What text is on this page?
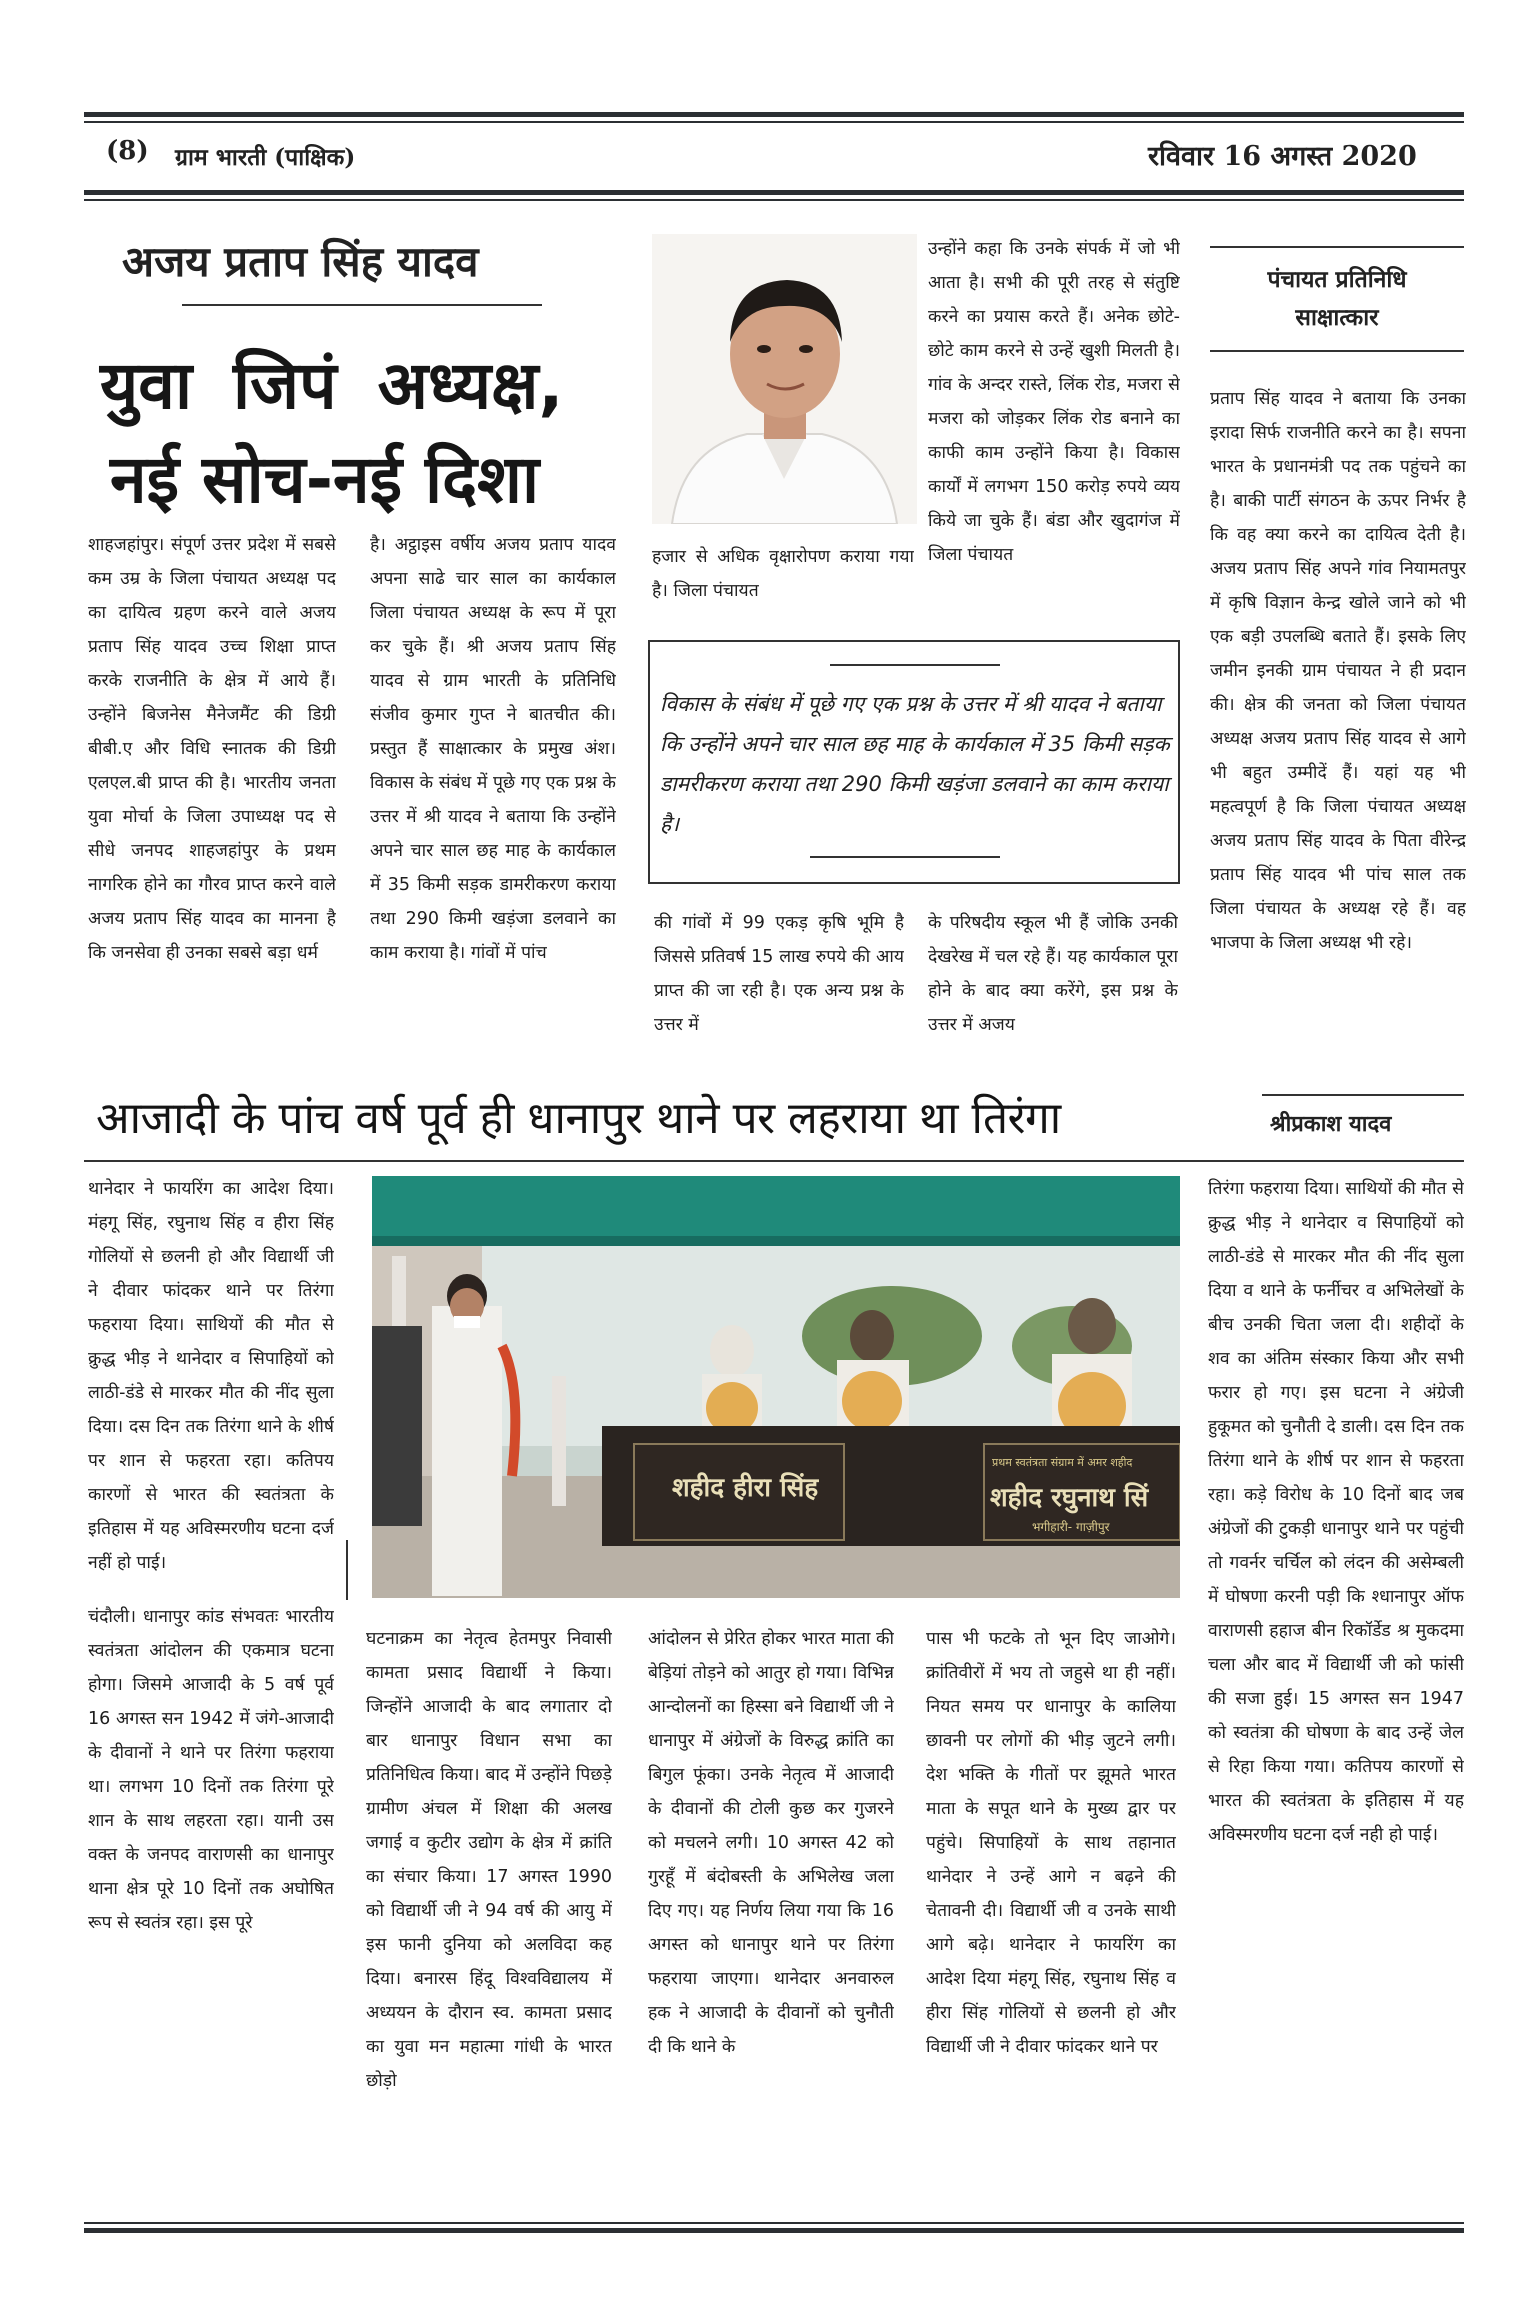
(8) ग्राम भारती (पाक्षिक)	रविवार 16 अगस्त 2020
अजय प्रताप सिंह यादव
युवा जिपं अध्यक्ष,
नई सोच-नई दिशा

शाहजहांपुर। संपूर्ण उत्तर प्रदेश में सबसे कम उम्र के जिला पंचायत अध्यक्ष पद का दायित्व ग्रहण करने वाले अजय प्रताप सिंह यादव उच्च शिक्षा प्राप्त करके राजनीति के क्षेत्र में आये हैं। उन्होंने बिजनेस मैनेजमैंट की डिग्री बीबी.ए और विधि स्नातक की डिग्री एलएल.बी प्राप्त की है। भारतीय जनता युवा मोर्चा के जिला उपाध्यक्ष पद से सीधे जनपद शाहजहांपुर के प्रथम नागरिक होने का गौरव प्राप्त करने वाले अजय प्रताप सिंह यादव का मानना है कि जनसेवा ही उनका सबसे बड़ा धर्म

है। अट्ठाइस वर्षीय अजय प्रताप यादव अपना साढे चार साल का कार्यकाल जिला पंचायत अध्यक्ष के रूप में पूरा कर चुके हैं। श्री अजय प्रताप सिंह यादव से ग्राम भारती के प्रतिनिधि संजीव कुमार गुप्त ने बातचीत की। प्रस्तुत हैं साक्षात्कार के प्रमुख अंश। विकास के संबंध में पूछे गए एक प्रश्न के उत्तर में श्री यादव ने बताया कि उन्होंने अपने चार साल छह माह के कार्यकाल में 35 किमी सड़क डामरीकरण कराया तथा 290 किमी खड़ंजा डलवाने का काम कराया है। गांवों में पांच

हजार से अधिक वृक्षारोपण कराया गया है। जिला पंचायत

उन्होंने कहा कि उनके संपर्क में जो भी आता है। सभी की पूरी तरह से संतुष्टि करने का प्रयास करते हैं। अनेक छोटे-छोटे काम करने से उन्हें खुशी मिलती है। गांव के अन्दर रास्ते, लिंक रोड, मजरा से मजरा को जोड़कर लिंक रोड बनाने का काफी काम उन्होंने किया है। विकास कार्यों में लगभग 150 करोड़ रुपये व्यय किये जा चुके हैं। बंडा और खुदागंज में जिला पंचायत

विकास के संबंध में पूछे गए एक प्रश्न के उत्तर में श्री यादव ने बताया कि उन्होंने अपने चार साल छह माह के कार्यकाल में 35 किमी सड़क डामरीकरण कराया तथा 290 किमी खड़ंजा डलवाने का काम कराया है।

की गांवों में 99 एकड़ कृषि भूमि है जिससे प्रतिवर्ष 15 लाख रुपये की आय प्राप्त की जा रही है। एक अन्य प्रश्न के उत्तर में

के परिषदीय स्कूल भी हैं जोकि उनकी देखरेख में चल रहे हैं। यह कार्यकाल पूरा होने के बाद क्या करेंगे, इस प्रश्न के उत्तर में अजय

पंचायत प्रतिनिधि
साक्षात्कार

प्रताप सिंह यादव ने बताया कि उनका इरादा सिर्फ राजनीति करने का है। सपना भारत के प्रधानमंत्री पद तक पहुंचने का है। बाकी पार्टी संगठन के ऊपर निर्भर है कि वह क्या करने का दायित्व देती है। अजय प्रताप सिंह अपने गांव नियामतपुर में कृषि विज्ञान केन्द्र खोले जाने को भी एक बड़ी उपलब्धि बताते हैं। इसके लिए जमीन इनकी ग्राम पंचायत ने ही प्रदान की। क्षेत्र की जनता को जिला पंचायत अध्यक्ष अजय प्रताप सिंह यादव से आगे भी बहुत उम्मीदें हैं। यहां यह भी महत्वपूर्ण है कि जिला पंचायत अध्यक्ष अजय प्रताप सिंह यादव के पिता वीरेन्द्र प्रताप सिंह यादव भी पांच साल तक जिला पंचायत के अध्यक्ष रहे हैं। वह भाजपा के जिला अध्यक्ष भी रहे।

आजादी के पांच वर्ष पूर्व ही धानापुर थाने पर लहराया था तिरंगा	श्रीप्रकाश यादव

थानेदार ने फायरिंग का आदेश दिया। मंहगू सिंह, रघुनाथ सिंह व हीरा सिंह गोलियों से छलनी हो और विद्यार्थी जी ने दीवार फांदकर थाने पर तिरंगा फहराया दिया। साथियों की मौत से क्रुद्ध भीड़ ने थानेदार व सिपाहियों को लाठी-डंडे से मारकर मौत की नींद सुला दिया। दस दिन तक तिरंगा थाने के शीर्ष पर शान से फहरता रहा। कतिपय कारणों से भारत की स्वतंत्रता के इतिहास में यह अविस्मरणीय घटना दर्ज नहीं हो पाई।

चंदौली। धानापुर कांड संभवतः भारतीय स्वतंत्रता आंदोलन की एकमात्र घटना होगा। जिसमे आजादी के 5 वर्ष पूर्व 16 अगस्त सन 1942 में जंगे-आजादी के दीवानों ने थाने पर तिरंगा फहराया था। लगभग 10 दिनों तक तिरंगा पूरे शान के साथ लहरता रहा। यानी उस वक्त के जनपद वाराणसी का धानापुर थाना क्षेत्र पूरे 10 दिनों तक अघोषित रूप से स्वतंत्र रहा। इस पूरे

प्रथम स्वतंत्रता संग्राम में अमर शहीद
शहीद हीरा सिंह	शहीद रघुनाथ सिं
भगीहारी- गाज़ीपुर

घटनाक्रम का नेतृत्व हेतमपुर निवासी कामता प्रसाद विद्यार्थी ने किया। जिन्होंने आजादी के बाद लगातार दो बार धानापुर विधान सभा का प्रतिनिधित्व किया। बाद में उन्होंने पिछड़े ग्रामीण अंचल में शिक्षा की अलख जगाई व कुटीर उद्योग के क्षेत्र में क्रांति का संचार किया। 17 अगस्त 1990 को विद्यार्थी जी ने 94 वर्ष की आयु में इस फानी दुनिया को अलविदा कह दिया। बनारस हिंदू विश्वविद्यालय में अध्ययन के दौरान स्व. कामता प्रसाद का युवा मन महात्मा गांधी के भारत छोड़ो

आंदोलन से प्रेरित होकर भारत माता की बेड़ियां तोड़ने को आतुर हो गया। विभिन्न आन्दोलनों का हिस्सा बने विद्यार्थी जी ने धानापुर में अंग्रेजों के विरुद्ध क्रांति का बिगुल फूंका। उनके नेतृत्व में आजादी के दीवानों की टोली कुछ कर गुजरने को मचलने लगी। 10 अगस्त 42 को गुरहूँ में बंदोबस्ती के अभिलेख जला दिए गए। यह निर्णय लिया गया कि 16 अगस्त को धानापुर थाने पर तिरंगा फहराया जाएगा। थानेदार अनवारुल हक ने आजादी के दीवानों को चुनौती दी कि थाने के

पास भी फटके तो भून दिए जाओगे। क्रांतिवीरों में भय तो जहुसे था ही नहीं। नियत समय पर धानापुर के कालिया छावनी पर लोगों की भीड़ जुटने लगी। देश भक्ति के गीतों पर झूमते भारत माता के सपूत थाने के मुख्य द्वार पर पहुंचे। सिपाहियों के साथ तहानात थानेदार ने उन्हें आगे न बढ़ने की चेतावनी दी। विद्यार्थी जी व उनके साथी आगे बढ़े। थानेदार ने फायरिंग का आदेश दिया मंहगू सिंह, रघुनाथ सिंह व हीरा सिंह गोलियों से छलनी हो और विद्यार्थी जी ने दीवार फांदकर थाने पर

तिरंगा फहराया दिया। साथियों की मौत से क्रुद्ध भीड़ ने थानेदार व सिपाहियों को लाठी-डंडे से मारकर मौत की नींद सुला दिया व थाने के फर्नीचर व अभिलेखों के बीच उनकी चिता जला दी। शहीदों के शव का अंतिम संस्कार किया और सभी फरार हो गए। इस घटना ने अंग्रेजी हुकूमत को चुनौती दे डाली। दस दिन तक तिरंगा थाने के शीर्ष पर शान से फहरता रहा। कड़े विरोध के 10 दिनों बाद जब अंग्रेजों की टुकड़ी धानापुर थाने पर पहुंची तो गवर्नर चर्चिल को लंदन की असेम्बली में घोषणा करनी पड़ी कि श्धानापुर ऑफ वाराणसी हहाज बीन रिकॉर्डेड श्र मुकदमा चला और बाद में विद्यार्थी जी को फांसी की सजा हुई। 15 अगस्त सन 1947 को स्वतंत्रा की घोषणा के बाद उन्हें जेल से रिहा किया गया। कतिपय कारणों से भारत की स्वतंत्रता के इतिहास में यह अविस्मरणीय घटना दर्ज नही हो पाई।
